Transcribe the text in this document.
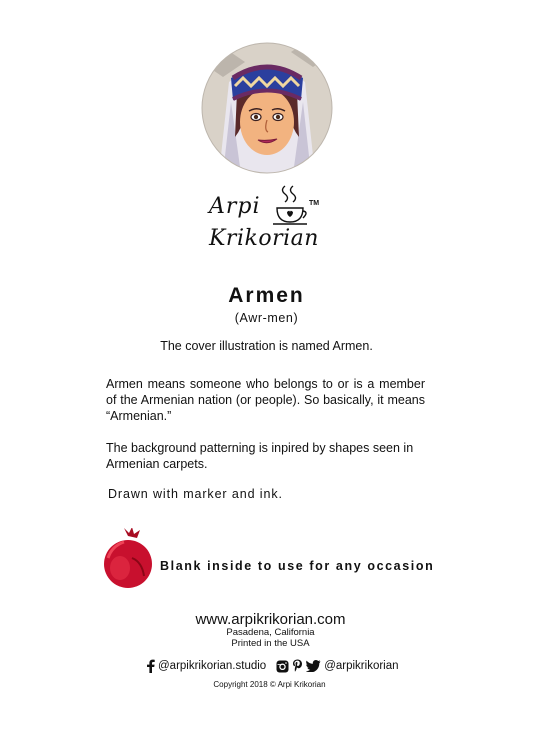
Arpi	TM
Krikorian
Armen
(Awr-men)
The cover illustration is named Armen.
Armen means someone who belongs to or is a member of the Armenian nation (or people). So basically, it means “Armenian.”
The background patterning is inpired by shapes seen in Armenian carpets.
Drawn with marker and ink.
Blank inside to use for any occasion
www.arpikrikorian.com
Pasadena, California
Printed in the USA
@arpikrikorian.studio	@arpikrikorian
Copyright 2018 © Arpi Krikorian
